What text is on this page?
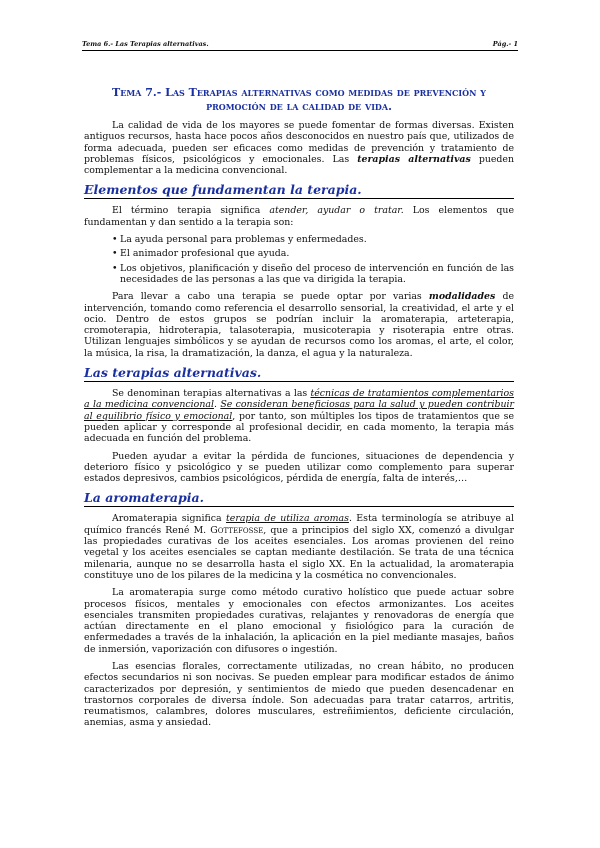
Tema 6.- Las Terapias alternativas.	Pág.- 1
Tema 7.- Las Terapias alternativas como medidas de prevención y promoción de la calidad de vida.

La calidad de vida de los mayores se puede fomentar de formas diversas. Existen antiguos recursos, hasta hace pocos años desconocidos en nuestro país que, utilizados de forma adecuada, pueden ser eficaces como medidas de prevención y tratamiento de problemas físicos, psicológicos y emocionales. Las terapias alternativas pueden complementar a la medicina convencional.

Elementos que fundamentan la terapia.

El término terapia significa atender, ayudar o tratar. Los elementos que fundamentan y dan sentido a la terapia son:

• La ayuda personal para problemas y enfermedades.
• El animador profesional que ayuda.
• Los objetivos, planificación y diseño del proceso de intervención en función de las necesidades de las personas a las que va dirigida la terapia.

Para llevar a cabo una terapia se puede optar por varias modalidades de intervención, tomando como referencia el desarrollo sensorial, la creatividad, el arte y el ocio. Dentro de estos grupos se podrían incluir la aromaterapia, arteterapia, cromoterapia, hidroterapia, talasoterapia, musicoterapia y risoterapia entre otras. Utilizan lenguajes simbólicos y se ayudan de recursos como los aromas, el arte, el color, la música, la risa, la dramatización, la danza, el agua y la naturaleza.

Las terapias alternativas.

Se denominan terapias alternativas a las técnicas de tratamientos complementarios a la medicina convencional. Se consideran beneficiosas para la salud y pueden contribuir al equilibrio físico y emocional, por tanto, son múltiples los tipos de tratamientos que se pueden aplicar y corresponde al profesional decidir, en cada momento, la terapia más adecuada en función del problema.

Pueden ayudar a evitar la pérdida de funciones, situaciones de dependencia y deterioro físico y psicológico y se pueden utilizar como complemento para superar estados depresivos, cambios psicológicos, pérdida de energía, falta de interés,…

La aromaterapia.

Aromaterapia significa terapia de utiliza aromas. Esta terminología se atribuye al químico francés René M. Gottefosse, que a principios del siglo XX, comenzó a divulgar las propiedades curativas de los aceites esenciales. Los aromas provienen del reino vegetal y los aceites esenciales se captan mediante destilación. Se trata de una técnica milenaria, aunque no se desarrolla hasta el siglo XX. En la actualidad, la aromaterapia constituye uno de los pilares de la medicina y la cosmética no convencionales.

La aromaterapia surge como método curativo holístico que puede actuar sobre procesos físicos, mentales y emocionales con efectos armonizantes. Los aceites esenciales transmiten propiedades curativas, relajantes y renovadoras de energía que actúan directamente en el plano emocional y fisiológico para la curación de enfermedades a través de la inhalación, la aplicación en la piel mediante masajes, baños de inmersión, vaporización con difusores o ingestión.

Las esencias florales, correctamente utilizadas, no crean hábito, no producen efectos secundarios ni son nocivas. Se pueden emplear para modificar estados de ánimo caracterizados por depresión, y sentimientos de miedo que pueden desencadenar en trastornos corporales de diversa índole. Son adecuadas para tratar catarros, artritis, reumatismos, calambres, dolores musculares, estreñimientos, deficiente circulación, anemias, asma y ansiedad.
